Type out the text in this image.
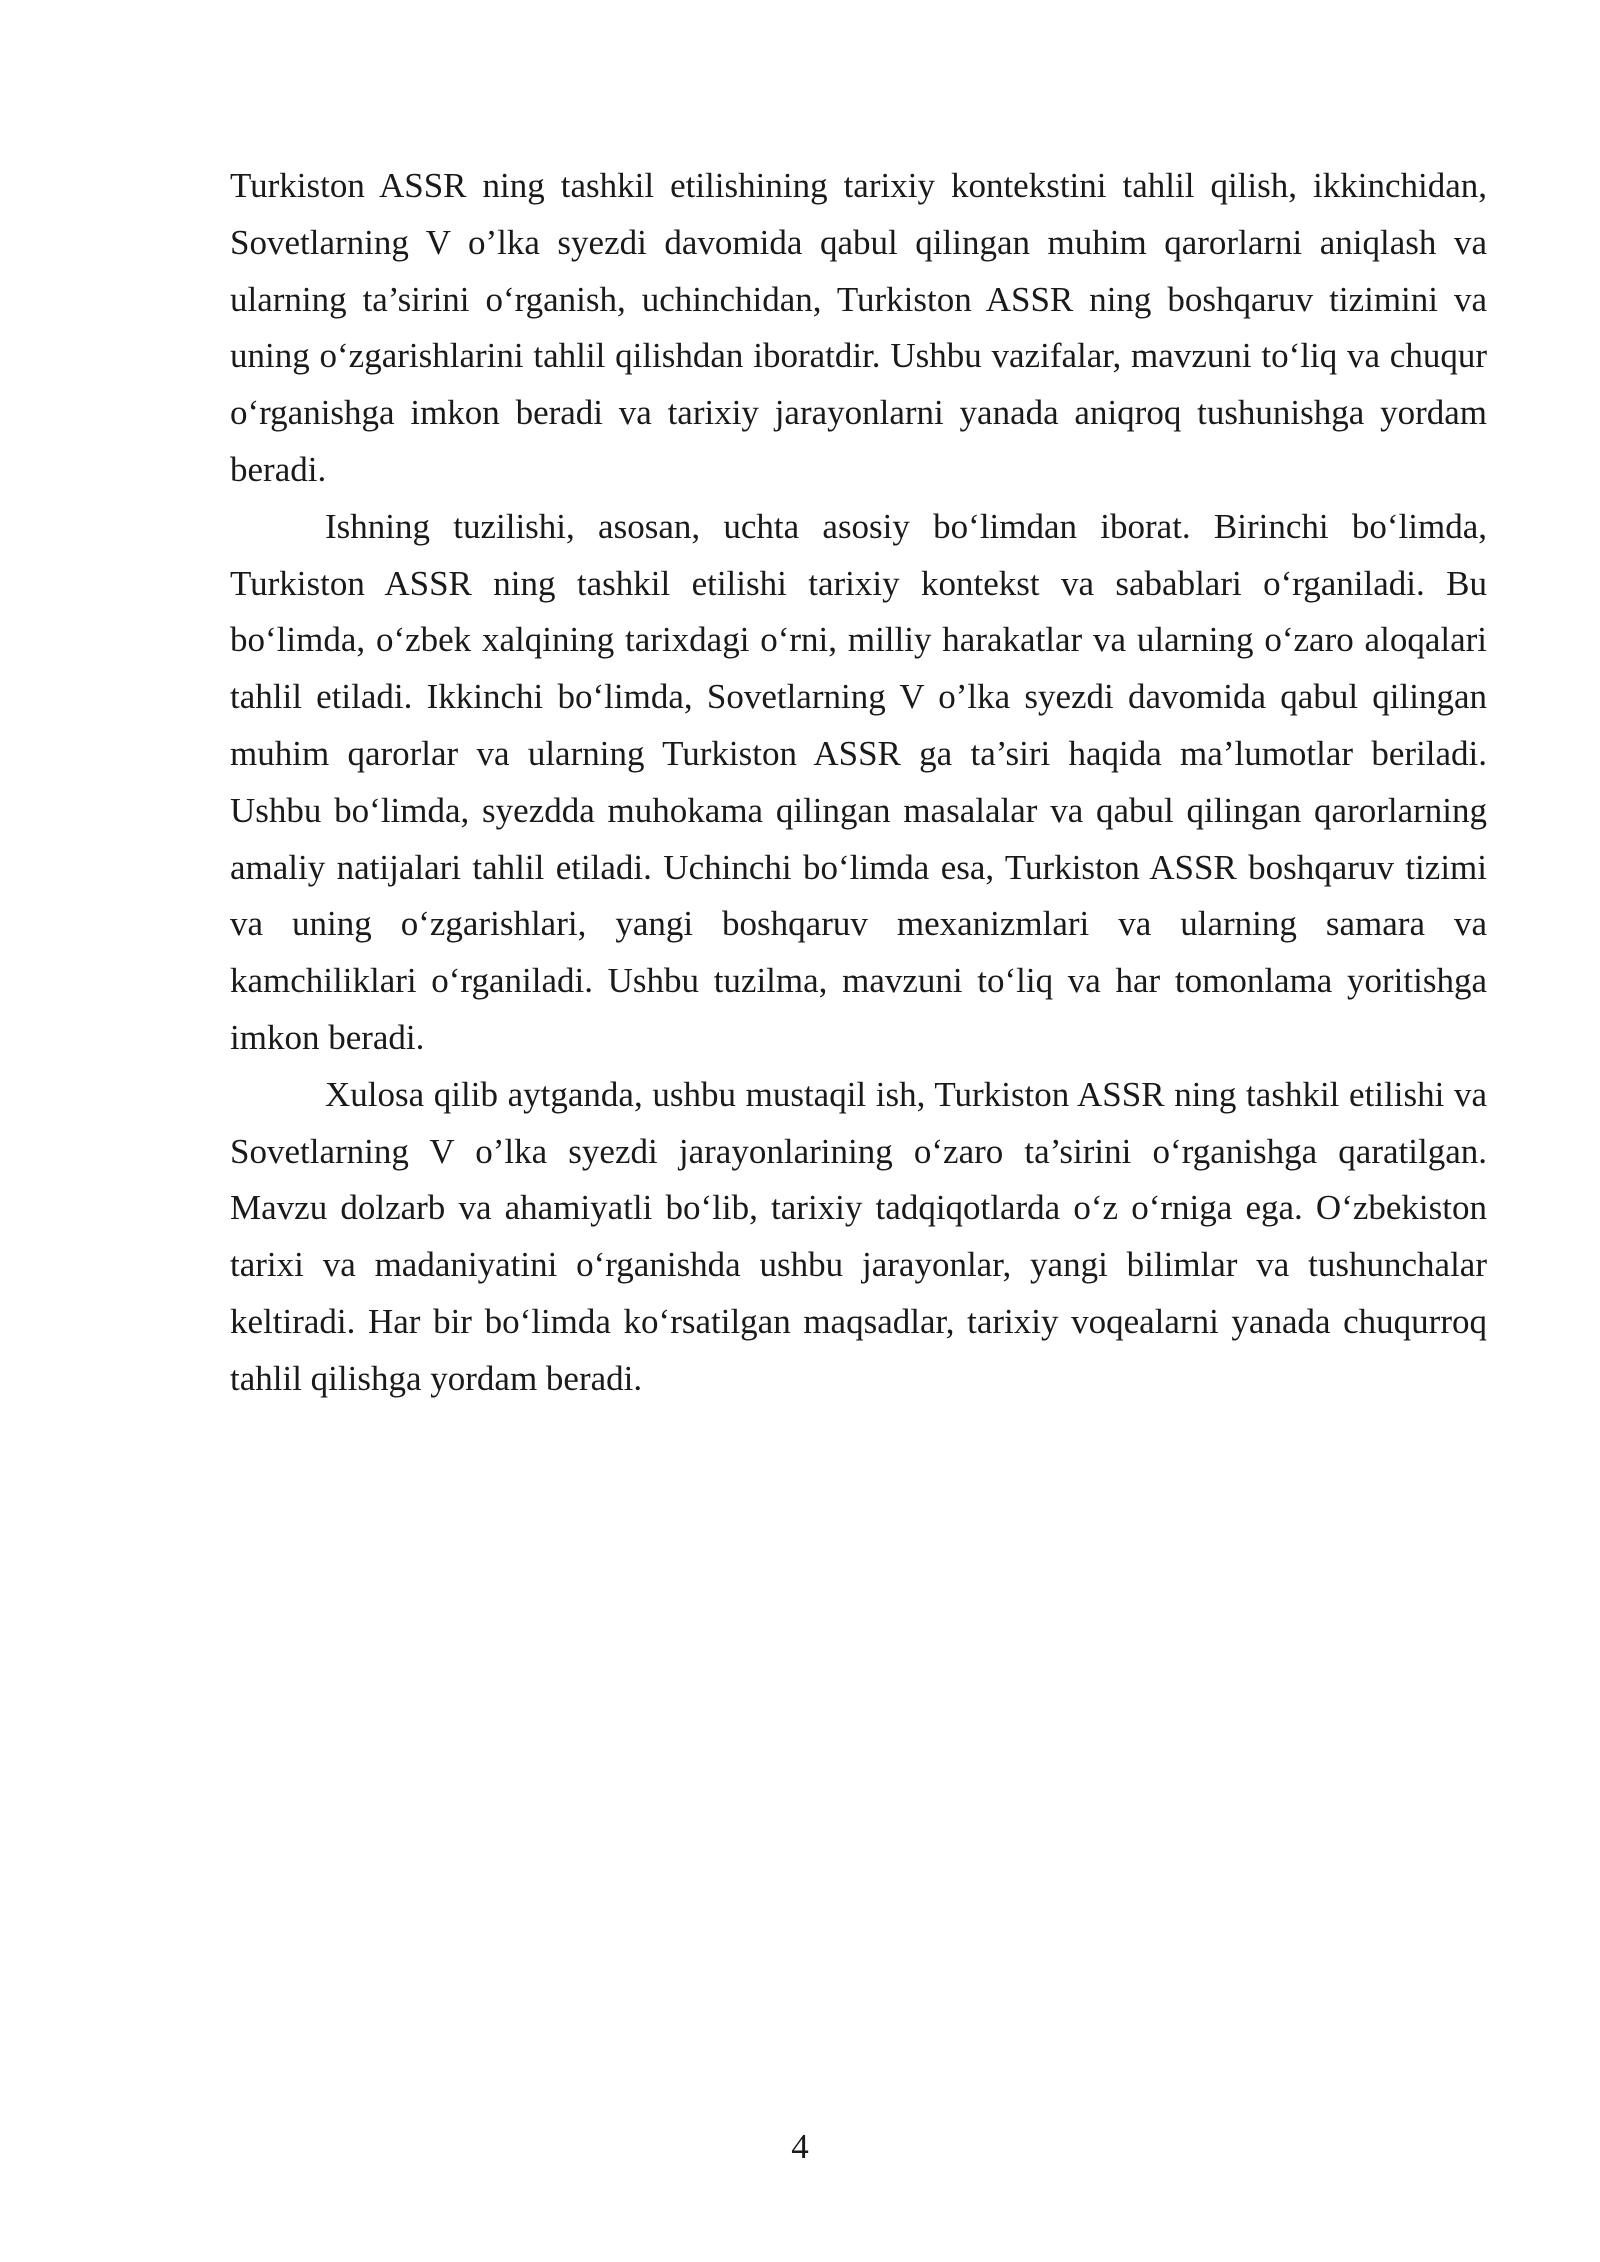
Turkiston ASSR ning tashkil etilishining tarixiy kontekstini tahlil qilish, ikkinchidan, Sovetlarning V o’lka syezdi davomida qabul qilingan muhim qarorlarni aniqlash va ularning ta’sirini o‘rganish, uchinchidan, Turkiston ASSR ning boshqaruv tizimini va uning o‘zgarishlarini tahlil qilishdan iboratdir. Ushbu vazifalar, mavzuni to‘liq va chuqur o‘rganishga imkon beradi va tarixiy jarayonlarni yanada aniqroq tushunishga yordam beradi.

Ishning tuzilishi, asosan, uchta asosiy bo‘limdan iborat. Birinchi bo‘limda, Turkiston ASSR ning tashkil etilishi tarixiy kontekst va sabablari o‘rganiladi. Bu bo‘limda, o‘zbek xalqining tarixdagi o‘rni, milliy harakatlar va ularning o‘zaro aloqalari tahlil etiladi. Ikkinchi bo‘limda, Sovetlarning V o’lka syezdi davomida qabul qilingan muhim qarorlar va ularning Turkiston ASSR ga ta’siri haqida ma’lumotlar beriladi. Ushbu bo‘limda, syezdda muhokama qilingan masalalar va qabul qilingan qarorlarning amaliy natijalari tahlil etiladi. Uchinchi bo‘limda esa, Turkiston ASSR boshqaruv tizimi va uning o‘zgarishlari, yangi boshqaruv mexanizmlari va ularning samara va kamchiliklari o‘rganiladi. Ushbu tuzilma, mavzuni to‘liq va har tomonlama yoritishga imkon beradi.

Xulosa qilib aytganda, ushbu mustaqil ish, Turkiston ASSR ning tashkil etilishi va Sovetlarning V o’lka syezdi jarayonlarining o‘zaro ta’sirini o‘rganishga qaratilgan. Mavzu dolzarb va ahamiyatli bo‘lib, tarixiy tadqiqotlarda o‘z o‘rniga ega. O‘zbekiston tarixi va madaniyatini o‘rganishda ushbu jarayonlar, yangi bilimlar va tushunchalar keltiradi. Har bir bo‘limda ko‘rsatilgan maqsadlar, tarixiy voqealarni yanada chuqurroq tahlil qilishga yordam beradi.

4
